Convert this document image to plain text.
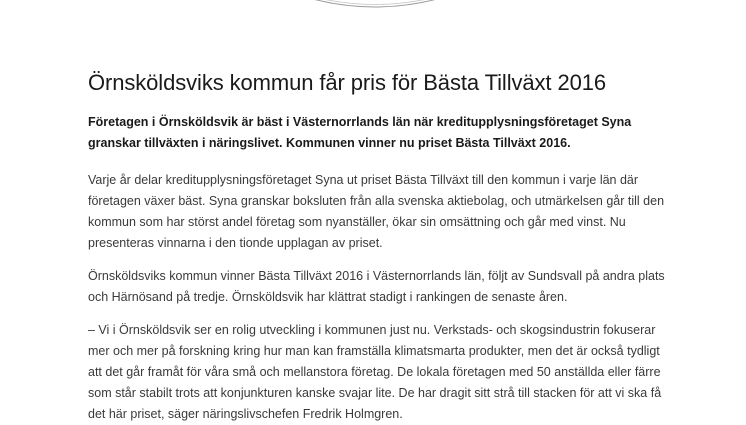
Örnsköldsviks kommun får pris för Bästa Tillväxt 2016

Företagen i Örnsköldsvik är bäst i Västernorrlands län när kreditupplysningsföretaget Syna granskar tillväxten i näringslivet. Kommunen vinner nu priset Bästa Tillväxt 2016.

Varje år delar kreditupplysningsföretaget Syna ut priset Bästa Tillväxt till den kommun i varje län där företagen växer bäst. Syna granskar boksluten från alla svenska aktiebolag, och utmärkelsen går till den kommun som har störst andel företag som nyanställer, ökar sin omsättning och går med vinst. Nu presenteras vinnarna i den tionde upplagan av priset.

Örnsköldsviks kommun vinner Bästa Tillväxt 2016 i Västernorrlands län, följt av Sundsvall på andra plats och Härnösand på tredje. Örnsköldsvik har klättrat stadigt i rankingen de senaste åren.

– Vi i Örnsköldsvik ser en rolig utveckling i kommunen just nu. Verkstads- och skogsindustrin fokuserar mer och mer på forskning kring hur man kan framställa klimatsmarta produkter, men det är också tydligt att det går framåt för våra små och mellanstora företag. De lokala företagen med 50 anställda eller färre som står stabilt trots att konjunkturen kanske svajar lite. De har dragit sitt strå till stacken för att vi ska få det här priset, säger näringslivschefen Fredrik Holmgren.
